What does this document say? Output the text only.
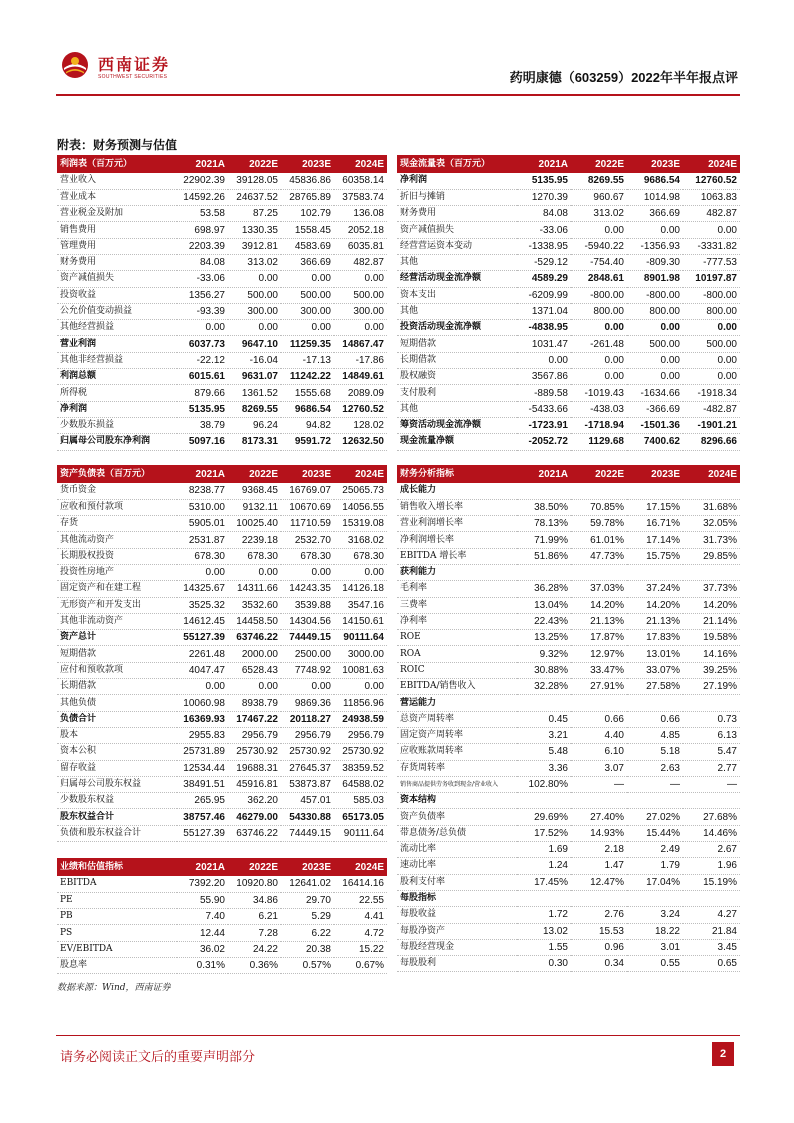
西南证券
SOUTHWEST SECURITIES	药明康德（603259）2022年半年报点评
附表：财务预测与估值
利润表（百万元）	2021A	2022E	2023E	2024E
营业收入	22902.39	39128.05	45836.86	60358.14
营业成本	14592.26	24637.52	28765.89	37583.74
营业税金及附加	53.58	87.25	102.79	136.08
销售费用	698.97	1330.35	1558.45	2052.18
管理费用	2203.39	3912.81	4583.69	6035.81
财务费用	84.08	313.02	366.69	482.87
资产减值损失	-33.06	0.00	0.00	0.00
投资收益	1356.27	500.00	500.00	500.00
公允价值变动损益	-93.39	300.00	300.00	300.00
其他经营损益	0.00	0.00	0.00	0.00
营业利润	6037.73	9647.10	11259.35	14867.47
其他非经营损益	-22.12	-16.04	-17.13	-17.86
利润总额	6015.61	9631.07	11242.22	14849.61
所得税	879.66	1361.52	1555.68	2089.09
净利润	5135.95	8269.55	9686.54	12760.52
少数股东损益	38.79	96.24	94.82	128.02
归属母公司股东净利润	5097.16	8173.31	9591.72	12632.50
现金流量表（百万元）	2021A	2022E	2023E	2024E
净利润	5135.95	8269.55	9686.54	12760.52
折旧与摊销	1270.39	960.67	1014.98	1063.83
财务费用	84.08	313.02	366.69	482.87
资产减值损失	-33.06	0.00	0.00	0.00
经营营运资本变动	-1338.95	-5940.22	-1356.93	-3331.82
其他	-529.12	-754.40	-809.30	-777.53
经营活动现金流净额	4589.29	2848.61	8901.98	10197.87
资本支出	-6209.99	-800.00	-800.00	-800.00
其他	1371.04	800.00	800.00	800.00
投资活动现金流净额	-4838.95	0.00	0.00	0.00
短期借款	1031.47	-261.48	500.00	500.00
长期借款	0.00	0.00	0.00	0.00
股权融资	3567.86	0.00	0.00	0.00
支付股利	-889.58	-1019.43	-1634.66	-1918.34
其他	-5433.66	-438.03	-366.69	-482.87
筹资活动现金流净额	-1723.91	-1718.94	-1501.36	-1901.21
现金流量净额	-2052.72	1129.68	7400.62	8296.66
资产负债表（百万元）	2021A	2022E	2023E	2024E
货币资金	8238.77	9368.45	16769.07	25065.73
应收和预付款项	5310.00	9132.11	10670.69	14056.55
存货	5905.01	10025.40	11710.59	15319.08
其他流动资产	2531.87	2239.18	2532.70	3168.02
长期股权投资	678.30	678.30	678.30	678.30
投资性房地产	0.00	0.00	0.00	0.00
固定资产和在建工程	14325.67	14311.66	14243.35	14126.18
无形资产和开发支出	3525.32	3532.60	3539.88	3547.16
其他非流动资产	14612.45	14458.50	14304.56	14150.61
资产总计	55127.39	63746.22	74449.15	90111.64
短期借款	2261.48	2000.00	2500.00	3000.00
应付和预收款项	4047.47	6528.43	7748.92	10081.63
长期借款	0.00	0.00	0.00	0.00
其他负债	10060.98	8938.79	9869.36	11856.96
负债合计	16369.93	17467.22	20118.27	24938.59
股本	2955.83	2956.79	2956.79	2956.79
资本公积	25731.89	25730.92	25730.92	25730.92
留存收益	12534.44	19688.31	27645.37	38359.52
归属母公司股东权益	38491.51	45916.81	53873.87	64588.02
少数股东权益	265.95	362.20	457.01	585.03
股东权益合计	38757.46	46279.00	54330.88	65173.05
负债和股东权益合计	55127.39	63746.22	74449.15	90111.64
财务分析指标	2021A	2022E	2023E	2024E
成长能力				
销售收入增长率	38.50%	70.85%	17.15%	31.68%
营业利润增长率	78.13%	59.78%	16.71%	32.05%
净利润增长率	71.99%	61.01%	17.14%	31.73%
EBITDA 增长率	51.86%	47.73%	15.75%	29.85%
获利能力				
毛利率	36.28%	37.03%	37.24%	37.73%
三费率	13.04%	14.20%	14.20%	14.20%
净利率	22.43%	21.13%	21.13%	21.14%
ROE	13.25%	17.87%	17.83%	19.58%
ROA	9.32%	12.97%	13.01%	14.16%
ROIC	30.88%	33.47%	33.07%	39.25%
EBITDA/销售收入	32.28%	27.91%	27.58%	27.19%
营运能力				
总资产周转率	0.45	0.66	0.66	0.73
固定资产周转率	3.21	4.40	4.85	6.13
应收账款周转率	5.48	6.10	5.18	5.47
存货周转率	3.36	3.07	2.63	2.77
销售商品提供劳务收到现金/营业收入	102.80%	—	—	—
资本结构				
资产负债率	29.69%	27.40%	27.02%	27.68%
带息债务/总负债	17.52%	14.93%	15.44%	14.46%
流动比率	1.69	2.18	2.49	2.67
速动比率	1.24	1.47	1.79	1.96
股利支付率	17.45%	12.47%	17.04%	15.19%
每股指标				
每股收益	1.72	2.76	3.24	4.27
每股净资产	13.02	15.53	18.22	21.84
每股经营现金	1.55	0.96	3.01	3.45
每股股利	0.30	0.34	0.55	0.65
业绩和估值指标	2021A	2022E	2023E	2024E
EBITDA	7392.20	10920.80	12641.02	16414.16
PE	55.90	34.86	29.70	22.55
PB	7.40	6.21	5.29	4.41
PS	12.44	7.28	6.22	4.72
EV/EBITDA	36.02	24.22	20.38	15.22
股息率	0.31%	0.36%	0.57%	0.67%
数据来源：Wind，西南证券
请务必阅读正文后的重要声明部分	2
